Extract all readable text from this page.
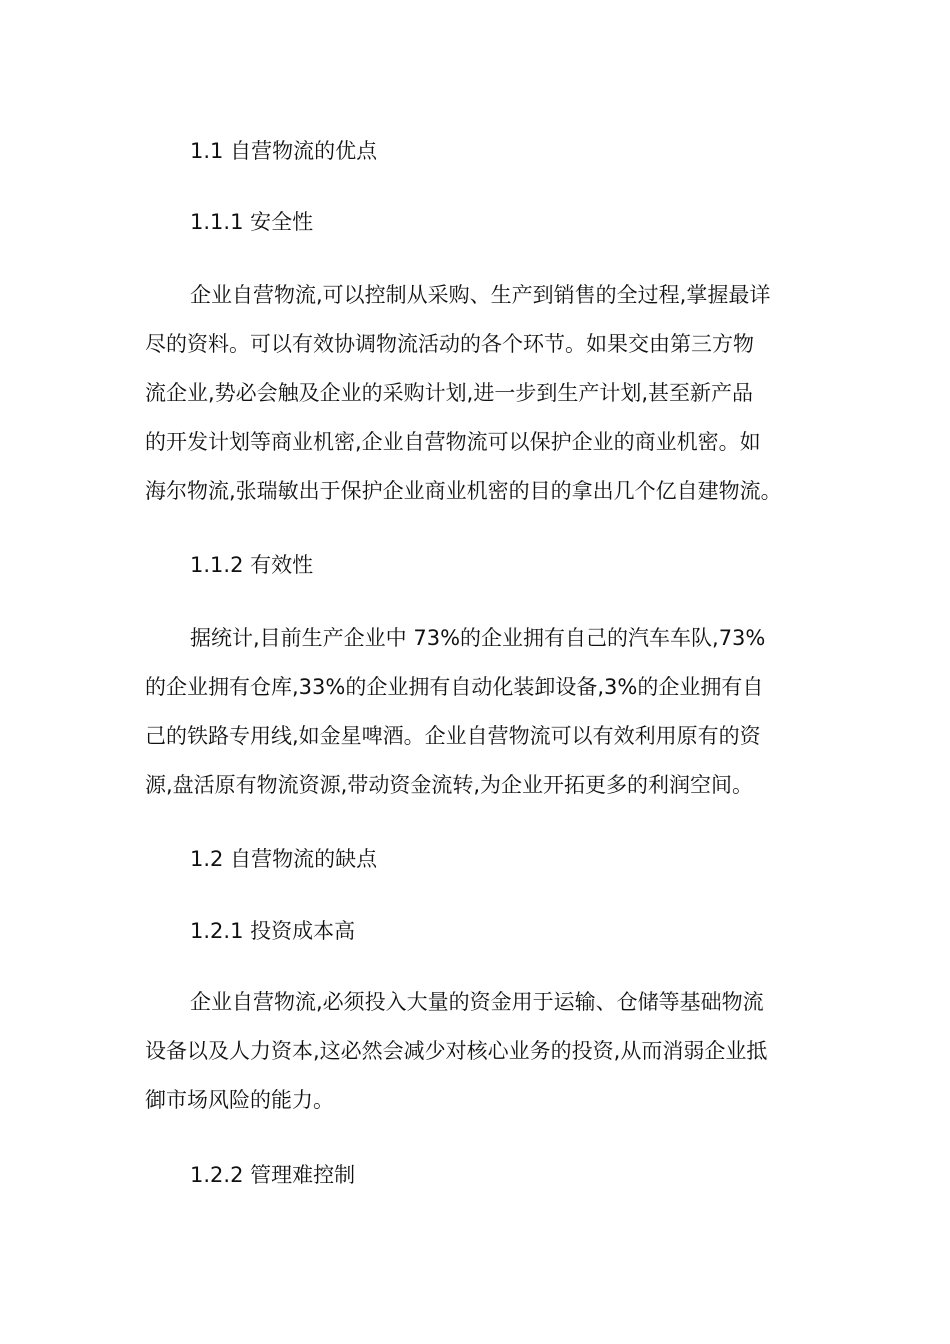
1.1 自营物流的优点
1.1.1 安全性
企业自营物流,可以控制从采购、生产到销售的全过程,掌握最详
尽的资料。可以有效协调物流活动的各个环节。如果交由第三方物
流企业,势必会触及企业的采购计划,进一步到生产计划,甚至新产品
的开发计划等商业机密,企业自营物流可以保护企业的商业机密。如
海尔物流,张瑞敏出于保护企业商业机密的目的拿出几个亿自建物流。
1.1.2 有效性
据统计,目前生产企业中 73%的企业拥有自己的汽车车队,73%
的企业拥有仓库,33%的企业拥有自动化装卸设备,3%的企业拥有自
己的铁路专用线,如金星啤酒。企业自营物流可以有效利用原有的资
源,盘活原有物流资源,带动资金流转,为企业开拓更多的利润空间。
1.2 自营物流的缺点
1.2.1 投资成本高
企业自营物流,必须投入大量的资金用于运输、仓储等基础物流
设备以及人力资本,这必然会减少对核心业务的投资,从而消弱企业抵
御市场风险的能力。
1.2.2 管理难控制
